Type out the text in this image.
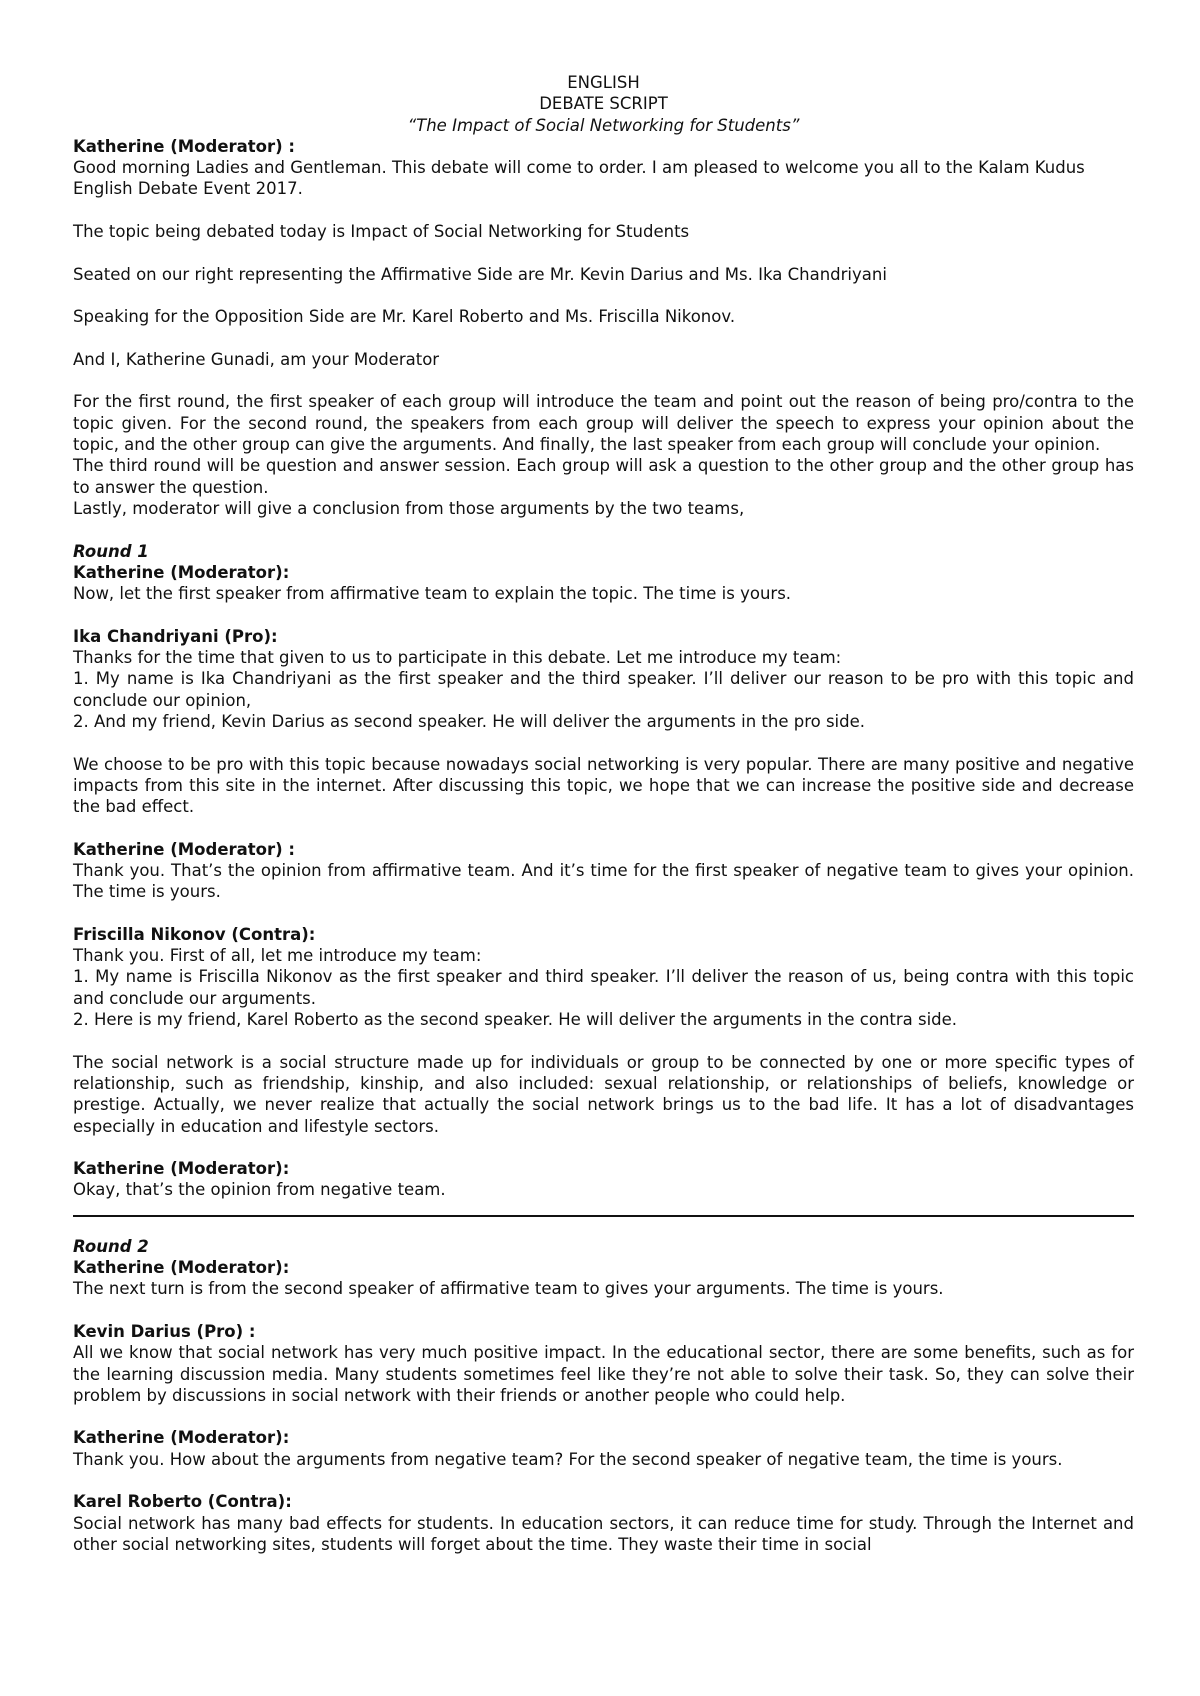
ENGLISH
DEBATE SCRIPT
“The Impact of Social Networking for Students”
Katherine (Moderator) :

Good morning Ladies and Gentleman. This debate will come to order. I am pleased to welcome you all to the Kalam Kudus English Debate Event 2017.

The topic being debated today is Impact of Social Networking for Students

Seated on our right representing the Affirmative Side are Mr. Kevin Darius and Ms. Ika Chandriyani

Speaking for the Opposition Side are Mr. Karel Roberto and Ms. Friscilla Nikonov.

And I, Katherine Gunadi, am your Moderator

For the first round, the first speaker of each group will introduce the team and point out the reason of being pro/contra to the topic given. For the second round, the speakers from each group will deliver the speech to express your opinion about the topic, and the other group can give the arguments. And finally, the last speaker from each group will conclude your opinion.

The third round will be question and answer session. Each group will ask a question to the other group and the other group has to answer the question.

Lastly, moderator will give a conclusion from those arguments by the two teams,

Round 1
Katherine (Moderator):

Now, let the first speaker from affirmative team to explain the topic. The time is yours.

Ika Chandriyani (Pro):

Thanks for the time that given to us to participate in this debate. Let me introduce my team:

1. My name is Ika Chandriyani as the first speaker and the third speaker. I’ll deliver our reason to be pro with this topic and conclude our opinion,

2. And my friend, Kevin Darius as second speaker. He will deliver the arguments in the pro side.

We choose to be pro with this topic because nowadays social networking is very popular. There are many positive and negative impacts from this site in the internet. After discussing this topic, we hope that we can increase the positive side and decrease the bad effect.

Katherine (Moderator) :

Thank you. That’s the opinion from affirmative team. And it’s time for the first speaker of negative team to gives your opinion. The time is yours.

Friscilla Nikonov (Contra):

Thank you. First of all, let me introduce my team:

1. My name is Friscilla Nikonov as the first speaker and third speaker. I’ll deliver the reason of us, being contra with this topic and conclude our arguments.

2. Here is my friend, Karel Roberto as the second speaker. He will deliver the arguments in the contra side.

The social network is a social structure made up for individuals or group to be connected by one or more specific types of relationship, such as friendship, kinship, and also included: sexual relationship, or relationships of beliefs, knowledge or prestige. Actually, we never realize that actually the social network brings us to the bad life. It has a lot of disadvantages especially in education and lifestyle sectors.

Katherine (Moderator):

Okay, that’s the opinion from negative team.

Round 2
Katherine (Moderator):

The next turn is from the second speaker of affirmative team to gives your arguments. The time is yours.

Kevin Darius (Pro) :

All we know that social network has very much positive impact. In the educational sector, there are some benefits, such as for the learning discussion media. Many students sometimes feel like they’re not able to solve their task. So, they can solve their problem by discussions in social network with their friends or another people who could help.

Katherine (Moderator):

Thank you. How about the arguments from negative team? For the second speaker of negative team, the time is yours.

Karel Roberto (Contra):

Social network has many bad effects for students. In education sectors, it can reduce time for study. Through the Internet and other social networking sites, students will forget about the time. They waste their time in social
